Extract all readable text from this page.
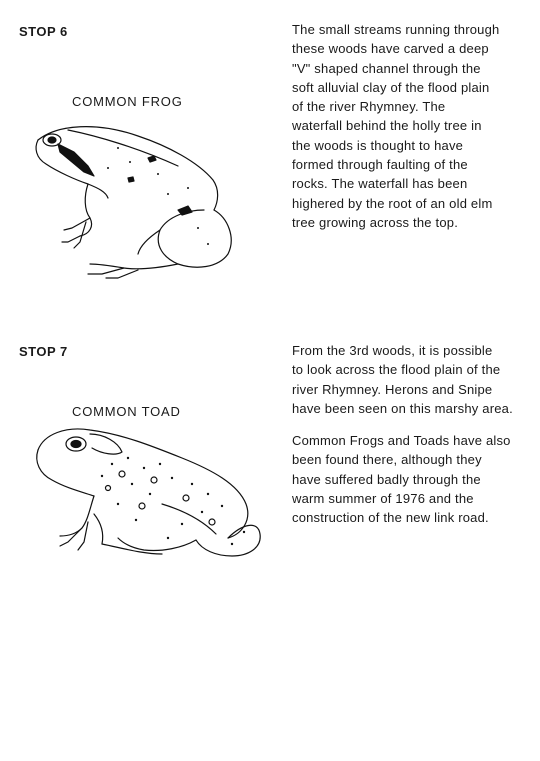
STOP 6
COMMON FROG
The small streams running through
these woods have carved a deep
"V" shaped channel through the
soft alluvial clay of the flood plain
of the river Rhymney. The
waterfall behind the holly tree in
the woods is thought to have
formed through faulting of the
rocks. The waterfall has been
highered by the root of an old elm
tree growing across the top.
STOP 7
COMMON TOAD
From the 3rd woods, it is possible
to look across the flood plain of the
river Rhymney. Herons and Snipe
have been seen on this marshy area.
Common Frogs and Toads have also
been found there, although they
have suffered badly through the
warm summer of 1976 and the
construction of the new link road.
